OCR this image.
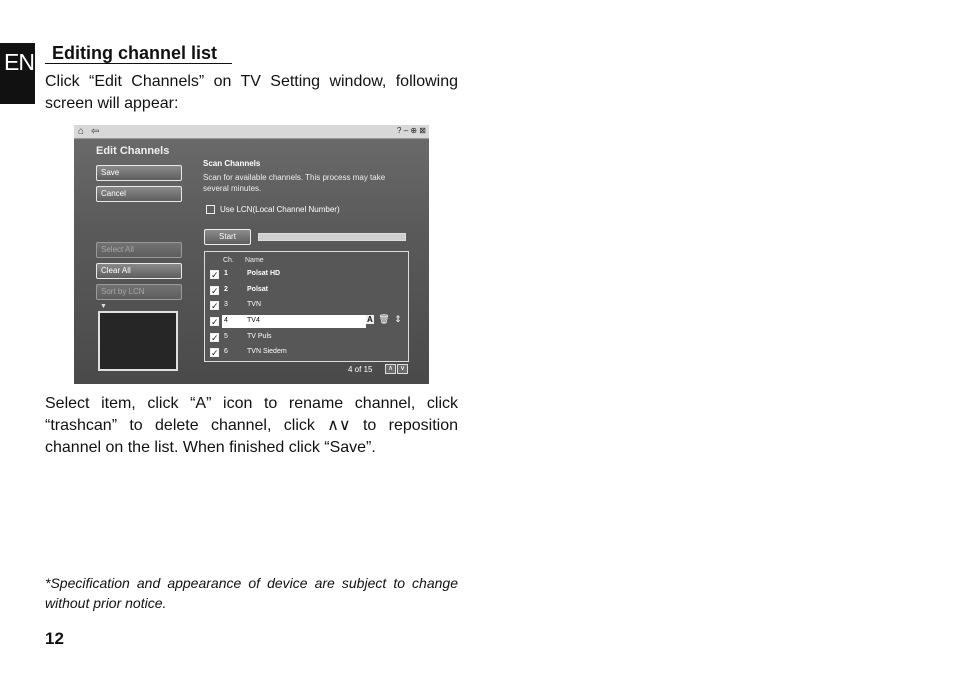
EN Editing channel list

Click “Edit Channels” on TV Setting window, following screen will appear:

⌂ ⇦	? – ⊕ ⊠
Edit Channels
Save
Cancel
Select All
Clear All
Sort by LCN
▼
Scan Channels
Scan for available channels. This process may take several minutes.
Use LCN(Local Channel Number)
Start
Ch. Name
✓ 1	Polsat HD
✓ 2	Polsat
✓ 3	TVN
✓ 4	TV4
✓ 5	TV Puls
✓ 6	TVN Siedem
A 🗑 ⇕
4 of 15	∧ ∨

Select item, click “A” icon to rename channel, click “trashcan” to delete channel, click ∧∨ to reposition channel on the list. When finished click “Save”.

*Specification and appearance of device are subject to change without prior notice.

12
